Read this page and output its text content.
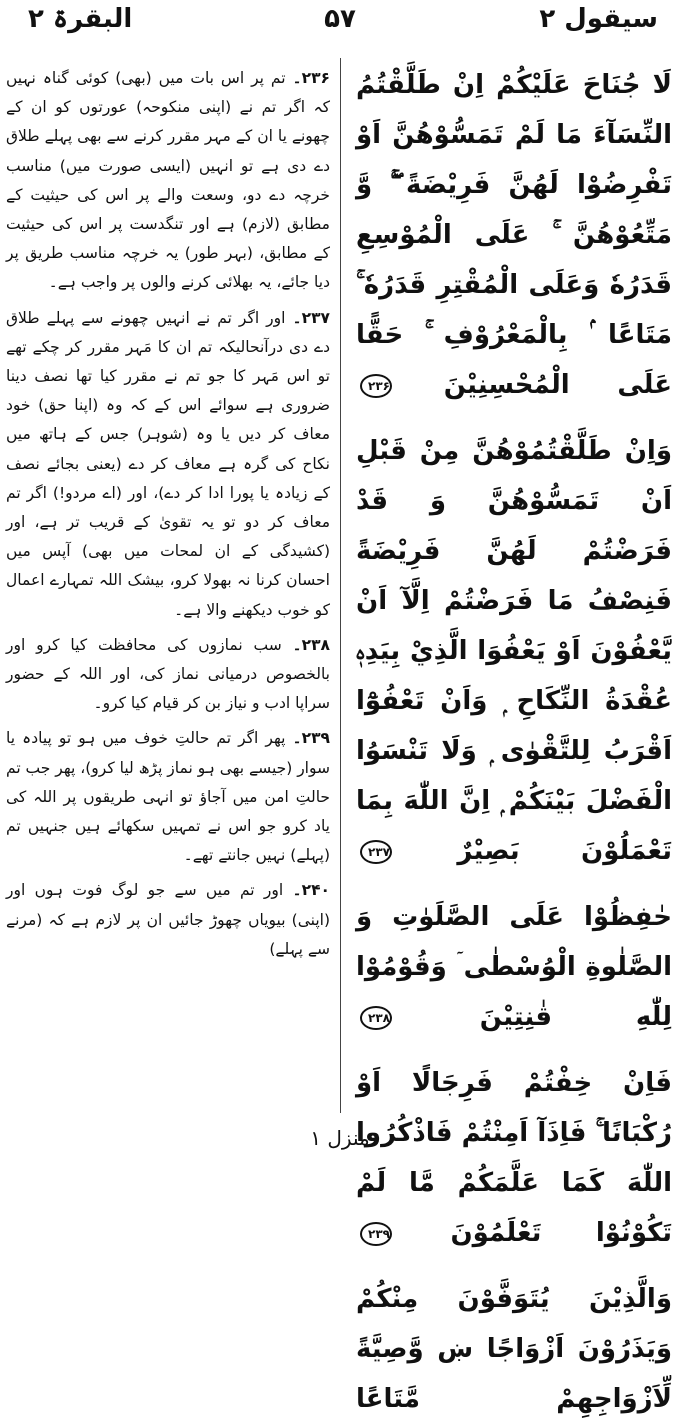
سیقول ۲
۵۷
البقرۃ ۲

لَا جُنَاحَ عَلَيْكُمْ اِنْ طَلَّقْتُمُ النِّسَآءَ مَا لَمْ تَمَسُّوْهُنَّ اَوْ تَفْرِضُوْا لَهُنَّ فَرِيْضَةً ۖۚ وَّ مَتِّعُوْهُنَّ ۚ عَلَى الْمُوْسِعِ قَدَرُهٗ وَعَلَى الْمُقْتِرِ قَدَرُهٗ ۚ مَتَاعًا ۢ بِالْمَعْرُوْفِ ۚ حَقًّا عَلَى الْمُحْسِنِيْنَ ۲۳۶

وَاِنْ طَلَّقْتُمُوْهُنَّ مِنْ قَبْلِ اَنْ تَمَسُّوْهُنَّ وَ قَدْ فَرَضْتُمْ لَهُنَّ فَرِيْضَةً فَنِصْفُ مَا فَرَضْتُمْ اِلَّآ اَنْ يَّعْفُوْنَ اَوْ يَعْفُوَا الَّذِيْ بِيَدِهٖ عُقْدَةُ النِّكَاحِ ۭ وَاَنْ تَعْفُوْٓا اَقْرَبُ لِلتَّقْوٰى ۭ وَلَا تَنْسَوُا الْفَضْلَ بَيْنَكُمْ ۭ اِنَّ اللّٰهَ بِمَا تَعْمَلُوْنَ بَصِيْرٌ ۲۳۷

حٰفِظُوْا عَلَى الصَّلَوٰتِ وَ الصَّلٰوةِ الْوُسْطٰى ۤ وَقُوْمُوْا لِلّٰهِ قٰنِتِيْنَ ۲۳۸

فَاِنْ خِفْتُمْ فَرِجَالًا اَوْ رُكْبَانًا ۚ فَاِذَآ اَمِنْتُمْ فَاذْكُرُوا اللّٰهَ كَمَا عَلَّمَكُمْ مَّا لَمْ تَكُوْنُوْا تَعْلَمُوْنَ ۲۳۹

وَالَّذِيْنَ يُتَوَفَّوْنَ مِنْكُمْ وَيَذَرُوْنَ اَزْوَاجًا ښ وَّصِيَّةً لِّاَزْوَاجِهِمْ مَّتَاعًا

۲۳۶۔ تم پر اس بات میں (بھی) کوئی گناہ نہیں کہ اگر تم نے (اپنی منکوحہ) عورتوں کو ان کے چھونے یا ان کے مہر مقرر کرنے سے بھی پہلے طلاق دے دی ہے تو انہیں (ایسی صورت میں) مناسب خرچہ دے دو، وسعت والے پر اس کی حیثیت کے مطابق (لازم) ہے اور تنگدست پر اس کی حیثیت کے مطابق، (بہر طور) یہ خرچہ مناسب طریق پر دیا جائے، یہ بھلائی کرنے والوں پر واجب ہے۔

۲۳۷۔ اور اگر تم نے انہیں چھونے سے پہلے طلاق دے دی درآنحالیکہ تم ان کا مَہر مقرر کر چکے تھے تو اس مَہر کا جو تم نے مقرر کیا تھا نصف دینا ضروری ہے سوائے اس کے کہ وہ (اپنا حق) خود معاف کر دیں یا وہ (شوہر) جس کے ہاتھ میں نکاح کی گرہ ہے معاف کر دے (یعنی بجائے نصف کے زیادہ یا پورا ادا کر دے)، اور (اے مردو!) اگر تم معاف کر دو تو یہ تقویٰ کے قریب تر ہے، اور (کشیدگی کے ان لمحات میں بھی) آپس میں احسان کرنا نہ بھولا کرو، بیشک اللہ تمہارے اعمال کو خوب دیکھنے والا ہے۔

۲۳۸۔ سب نمازوں کی محافظت کیا کرو اور بالخصوص درمیانی نماز کی، اور اللہ کے حضور سراپا ادب و نیاز بن کر قیام کیا کرو۔

۲۳۹۔ پھر اگر تم حالتِ خوف میں ہو تو پیادہ یا سوار (جیسے بھی ہو نماز پڑھ لیا کرو)، پھر جب تم حالتِ امن میں آجاؤ تو انہی طریقوں پر اللہ کی یاد کرو جو اس نے تمہیں سکھائے ہیں جنہیں تم (پہلے) نہیں جانتے تھے۔

۲۴۰۔ اور تم میں سے جو لوگ فوت ہوں اور (اپنی) بیویاں چھوڑ جائیں ان پر لازم ہے کہ (مرنے سے پہلے)

منزل ۱
